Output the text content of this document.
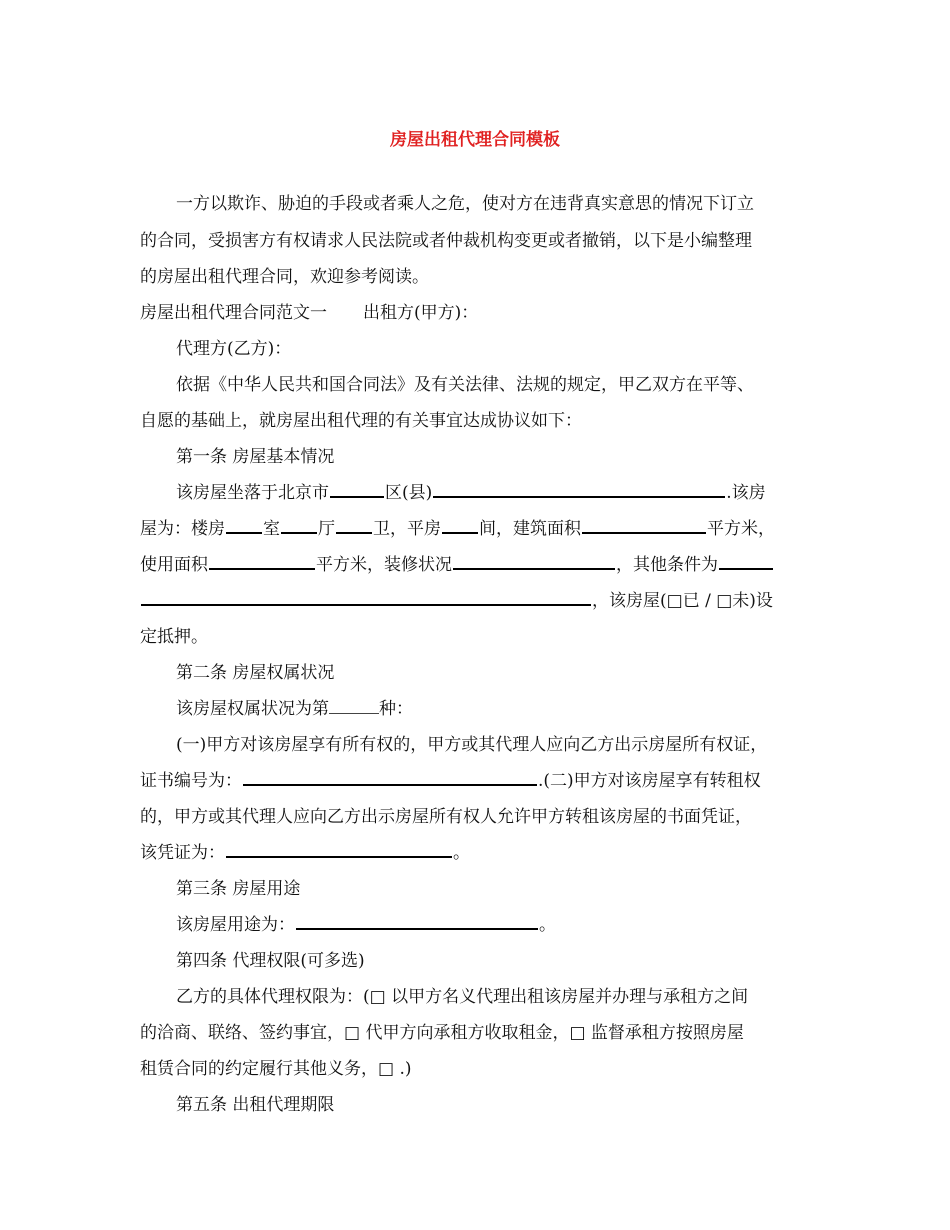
房屋出租代理合同模板
一方以欺诈、胁迫的手段或者乘人之危，使对方在违背真实意思的情况下订立
的合同，受损害方有权请求人民法院或者仲裁机构变更或者撤销，以下是小编整理
的房屋出租代理合同，欢迎参考阅读。
房屋出租代理合同范文一 出租方(甲方)：
代理方(乙方)：
依据《中华人民共和国合同法》及有关法律、法规的规定，甲乙双方在平等、
自愿的基础上，就房屋出租代理的有关事宜达成协议如下：
第一条 房屋基本情况
该房屋坐落于北京市	区(县)	.该房
屋为：楼房 室 厅 卫，平房 间，建筑面积	平方米，
使用面积	平方米，装修状况	，其他条件为
，该房屋(□已 / □未)设
定抵押。
第二条 房屋权属状况
该房屋权属状况为第	种：
(一)甲方对该房屋享有所有权的，甲方或其代理人应向乙方出示房屋所有权证，
证书编号为：	.(二)甲方对该房屋享有转租权
的，甲方或其代理人应向乙方出示房屋所有权人允许甲方转租该房屋的书面凭证，
该凭证为：	。
第三条 房屋用途
该房屋用途为：	。
第四条 代理权限(可多选)
乙方的具体代理权限为：(□ 以甲方名义代理出租该房屋并办理与承租方之间
的洽商、联络、签约事宜，□ 代甲方向承租方收取租金，□ 监督承租方按照房屋
租赁合同的约定履行其他义务，□ .)
第五条 出租代理期限
